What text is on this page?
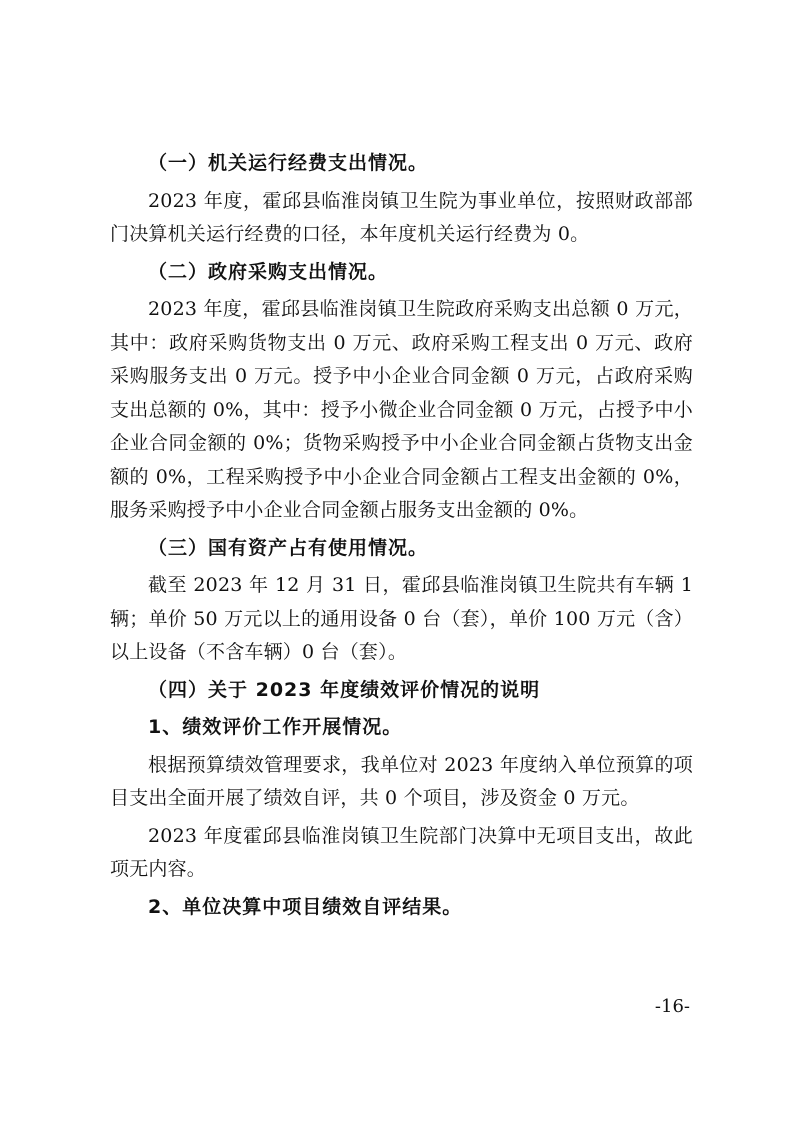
（一）机关运行经费支出情况。

2023 年度，霍邱县临淮岗镇卫生院为事业单位，按照财政部部门决算机关运行经费的口径，本年度机关运行经费为 0。

（二）政府采购支出情况。

2023 年度，霍邱县临淮岗镇卫生院政府采购支出总额 0 万元，其中：政府采购货物支出 0 万元、政府采购工程支出 0 万元、政府采购服务支出 0 万元。授予中小企业合同金额 0 万元，占政府采购支出总额的 0%，其中：授予小微企业合同金额 0 万元，占授予中小企业合同金额的 0%；货物采购授予中小企业合同金额占货物支出金额的 0%，工程采购授予中小企业合同金额占工程支出金额的 0%，服务采购授予中小企业合同金额占服务支出金额的 0%。

（三）国有资产占有使用情况。

截至 2023 年 12 月 31 日，霍邱县临淮岗镇卫生院共有车辆 1 辆；单价 50 万元以上的通用设备 0 台（套），单价 100 万元（含）以上设备（不含车辆）0 台（套）。

（四）关于 2023 年度绩效评价情况的说明

1、绩效评价工作开展情况。

根据预算绩效管理要求，我单位对 2023 年度纳入单位预算的项目支出全面开展了绩效自评，共 0 个项目，涉及资金 0 万元。

2023 年度霍邱县临淮岗镇卫生院部门决算中无项目支出，故此项无内容。

2、单位决算中项目绩效自评结果。

-16-
